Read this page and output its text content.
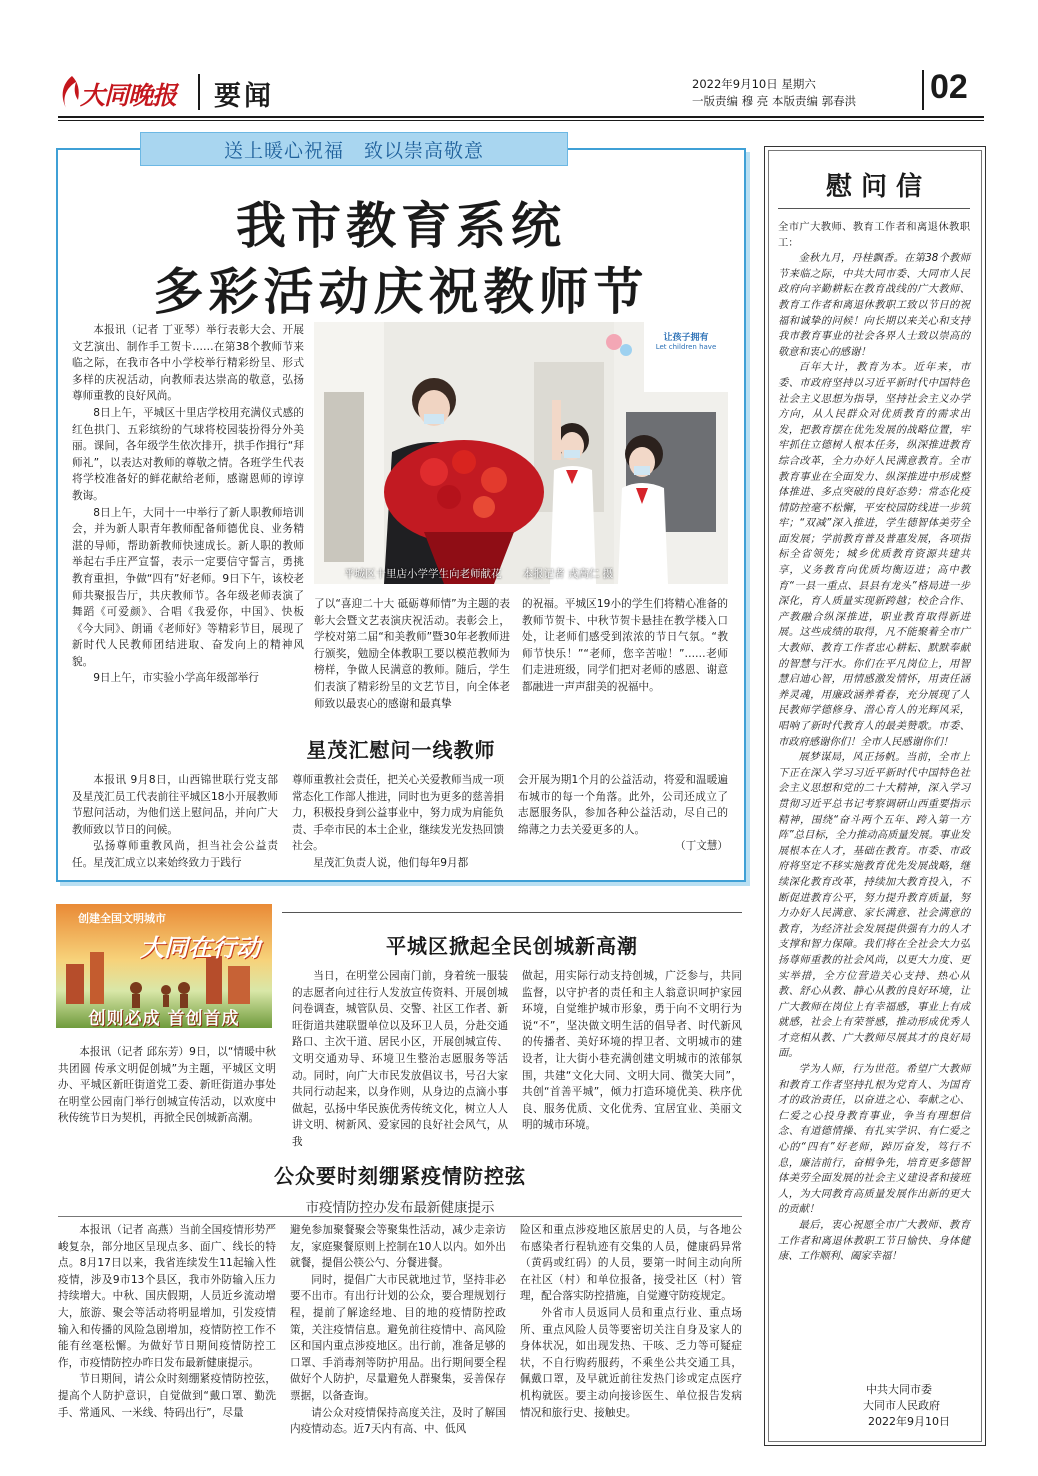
大同晚报 要闻	2022年9月10日 星期六
一版责编 穆 亮 本版责编 郭春洪 02
送上暖心祝福　致以崇高敬意
我市教育系统
多彩活动庆祝教师节

本报讯（记者 丁亚琴）举行表彰大会、开展文艺演出、制作手工贺卡……在第38个教师节来临之际，在我市各中小学校举行精彩纷呈、形式多样的庆祝活动，向教师表达崇高的敬意，弘扬尊师重教的良好风尚。

8日上午，平城区十里店学校用充满仪式感的红色拱门、五彩缤纷的气球将校园装扮得分外美丽。课间，各年级学生依次排开，拱手作揖行“拜师礼”，以表达对教师的尊敬之情。各班学生代表将学校准备好的鲜花献给老师，感谢恩师的谆谆教诲。

8日上午，大同十一中举行了新人职教师培训会，并为新人职青年教师配备师德优良、业务精湛的导师，帮助新教师快速成长。新人职的教师举起右手庄严宣誓，表示一定要信守誓言，勇挑教育重担，争做“四有”好老师。9日下午，该校老师共聚报告厅，共庆教师节。各年级老师表演了舞蹈《可爱颜》、合唱《我爱你，中国》、快板《今大同》、朗诵《老师好》等精彩节目，展现了新时代人民教师团结进取、奋发向上的精神风貌。

9日上午，市实验小学高年级部举行

让孩子拥有
Let children have
平城区十里店小学学生向老师献花　　本报记者 戎高仁 摄

了以“喜迎二十大 砥砺尊师情”为主题的表彰大会暨文艺表演庆祝活动。表彰会上，学校对第二届“和美教师”暨30年老教师进行颁奖，勉励全体教职工要以模范教师为榜样，争做人民满意的教师。随后，学生们表演了精彩纷呈的文艺节目，向全体老师致以最衷心的感谢和最真挚

的祝福。平城区19小的学生们将精心准备的教师节贺卡、中秋节贺卡悬挂在教学楼入口处，让老师们感受到浓浓的节日气氛。“教师节快乐！”“老师，您辛苦啦！”……老师们走进班级，同学们把对老师的感恩、谢意都融进一声声甜美的祝福中。

星茂汇慰问一线教师

本报讯 9月8日，山西锦世联行党支部及星茂汇员工代表前往平城区18小开展教师节慰问活动，为他们送上慰问品，并向广大教师致以节日的问候。

弘扬尊师重教风尚，担当社会公益责任。星茂汇成立以来始终致力于践行

尊师重教社会责任，把关心关爱教师当成一项常态化工作部人推进，同时也为更多的慈善捐力，积极投身到公益事业中，努力成为肩能负责、手牵市民的本土企业，继续发光发热回馈社会。

星茂汇负责人说，他们每年9月都

会开展为期1个月的公益活动，将爱和温暖遍布城市的每一个角落。此外，公司还成立了志愿服务队，参加各种公益活动，尽自己的绵薄之力去关爱更多的人。

（丁文慧）

创建全国文明城市
大同在行动
创则必成 首创首成
平城区掀起全民创城新高潮

本报讯（记者 邱东芳）9日，以“情暖中秋共团圆 传承文明促创城”为主题，平城区文明办、平城区新旺街道党工委、新旺街道办事处在明堂公园南门举行创城宣传活动，以欢度中秋传统节日为契机，再掀全民创城新高潮。

当日，在明堂公园南门前，身着统一服装的志愿者向过往行人发放宣传资料、开展创城问卷调查，城管队员、交警、社区工作者、新旺街道共建联盟单位以及环卫人员，分赴交通路口、主次干道、居民小区，开展创城宣传、文明交通劝导、环境卫生整治志愿服务等活动。同时，向广大市民发放倡议书，号召大家共同行动起来，以身作则，从身边的点滴小事做起，弘扬中华民族优秀传统文化，树立人人讲文明、树新风、爱家园的良好社会风气，从我

做起，用实际行动支持创城，广泛参与，共同监督，以守护者的责任和主人翁意识呵护家园环境，自觉维护城市形象，勇于向不文明行为说“不”，坚决做文明生活的倡导者、时代新风的传播者、美好环境的捍卫者、文明城市的建设者，让大街小巷充满创建文明城市的浓郁氛围，共建“文化大同、文明大同、微笑大同”，共创“首善平城”，倾力打造环境优美、秩序优良、服务优质、文化优秀、宜居宜业、美丽文明的城市环境。

公众要时刻绷紧疫情防控弦
市疫情防控办发布最新健康提示

本报讯（记者 高燕）当前全国疫情形势严峻复杂，部分地区呈现点多、面广、线长的特点。8月17日以来，我省连续发生11起输入性疫情，涉及9市13个县区，我市外防输入压力持续增大。中秋、国庆假期，人员近乡流动增大，旅游、聚会等活动将明显增加，引发疫情输入和传播的风险急剧增加，疫情防控工作不能有丝毫松懈。为做好节日期间疫情防控工作，市疫情防控办昨日发布最新健康提示。

节日期间，请公众时刻绷紧疫情防控弦，提高个人防护意识，自觉做到“戴口罩、勤洗手、常通风、一米线、特码出行”，尽量

避免参加聚餐聚会等聚集性活动，减少走亲访友，家庭聚餐原则上控制在10人以内。如外出就餐，提倡公筷公勺、分餐进餐。

同时，提倡广大市民就地过节，坚持非必要不出市。有出行计划的公众，要合理规划行程，提前了解途经地、目的地的疫情防控政策，关注疫情信息。避免前往疫情中、高风险区和国内重点涉疫地区。出行前，准备足够的口罩、手消毒剂等防护用品。出行期间要全程做好个人防护，尽量避免人群聚集，妥善保存票据，以备查询。

请公众对疫情保持高度关注，及时了解国内疫情动态。近7天内有高、中、低风

险区和重点涉疫地区旅居史的人员，与各地公布感染者行程轨迹有交集的人员，健康码异常（黄码或红码）的人员，要第一时间主动向所在社区（村）和单位报备，接受社区（村）管理，配合落实防控措施，自觉遵守防疫规定。

外省市人员返同人员和重点行业、重点场所、重点风险人员等要密切关注自身及家人的身体状况，如出现发热、干咳、乏力等可疑症状，不自行购药服药，不乘坐公共交通工具，佩戴口罩，及早就近前往发热门诊或定点医疗机构就医。要主动向接诊医生、单位报告发病情况和旅行史、接触史。

慰 问 信

全市广大教师、教育工作者和离退休教职工：

金秋九月，丹桂飘香。在第38个教师节来临之际，中共大同市委、大同市人民政府向辛勤耕耘在教育战线的广大教师、教育工作者和离退休教职工致以节日的祝福和诚挚的问候！向长期以来关心和支持我市教育事业的社会各界人士致以崇高的敬意和衷心的感谢！

百年大计，教育为本。近年来，市委、市政府坚持以习近平新时代中国特色社会主义思想为指导，坚持社会主义办学方向，从人民群众对优质教育的需求出发，把教育摆在优先发展的战略位置，牢牢抓住立德树人根本任务，纵深推进教育综合改革，全力办好人民满意教育。全市教育事业在全面发力、纵深推进中形成整体推进、多点突破的良好态势：常态化疫情防控毫不松懈，平安校园防线进一步筑牢；“双减”深入推进，学生德智体美劳全面发展；学前教育普及普惠发展，各项指标全省领先；城乡优质教育资源共建共享，义务教育向优质均衡迈进；高中教育“一县一重点、县县有龙头”格局进一步深化，育人质量实现新跨越；校企合作、产教融合纵深推进，职业教育取得新进展。这些成绩的取得，凡不能聚着全市广大教师、教育工作者忠心耕耘、默默奉献的智慧与汗水。你们在平凡岗位上，用智慧启迪心智，用情感激发情怀，用责任涵养灵魂，用廉政涵养肴春，充分展现了人民教师学德修身、潜心育人的光辉风采，唱响了新时代教育人的最美赞歌。市委、市政府感谢你们！全市人民感谢你们！

展梦谋局，风正扬帆。当前，全市上下正在深入学习习近平新时代中国特色社会主义思想和党的二十大精神，深入学习贯彻习近平总书记考察调研山西重要指示精神，围绕“奋斗两个五年、跨入第一方阵”总目标，全力推动高质量发展。事业发展根本在人才，基础在教育。市委、市政府将坚定不移实施教育优先发展战略，继续深化教育改革，持续加大教育投入，不断促进教育公平，努力提升教育质量，努力办好人民满意、家长满意、社会满意的教育，为经济社会发展提供强有力的人才支撑和智力保障。我们将在全社会大力弘扬尊师重教的社会风尚，以更大力度、更实举措，全方位营造关心支持、热心从教、舒心从教、静心从教的良好环境，让广大教师在岗位上有幸福感，事业上有成就感，社会上有荣誉感，推动形成优秀人才竞相从教、广大教师尽展其才的良好局面。

学为人师，行为世范。希望广大教师和教育工作者坚持扎根为党育人、为国育才的政治责任，以奋进之心、奉献之心、仁爱之心投身教育事业，争当有理想信念、有道德情操、有扎实学识、有仁爱之心的“四有”好老师，踔厉奋发，笃行不息，廉洁前行，奋楫争先，培育更多德智体美劳全面发展的社会主义建设者和接班人，为大同教育高质量发展作出新的更大的贡献！

最后，衷心祝愿全市广大教师、教育工作者和离退休教职工节日愉快、身体健康、工作顺利、阖家幸福！

中共大同市委
大同市人民政府
2022年9月10日
